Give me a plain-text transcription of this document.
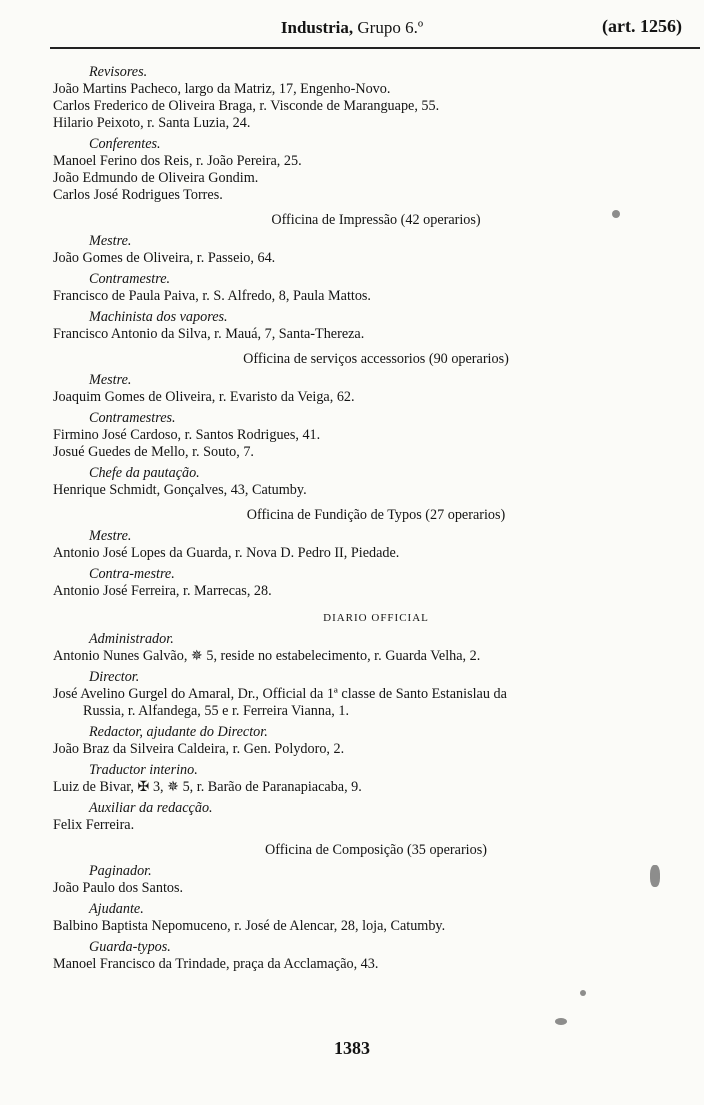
Industria, Grupo 6.º	(art. 1256)
Revisores.
João Martins Pacheco, largo da Matriz, 17, Engenho-Novo.
Carlos Frederico de Oliveira Braga, r. Visconde de Maranguape, 55.
Hilario Peixoto, r. Santa Luzia, 24.
Conferentes.
Manoel Ferino dos Reis, r. João Pereira, 25.
João Edmundo de Oliveira Gondim.
Carlos José Rodrigues Torres.
Officina de Impressão (42 operarios)
Mestre.
João Gomes de Oliveira, r. Passeio, 64.
Contramestre.
Francisco de Paula Paiva, r. S. Alfredo, 8, Paula Mattos.
Machinista dos vapores.
Francisco Antonio da Silva, r. Mauá, 7, Santa-Thereza.
Officina de serviços accessorios (90 operarios)
Mestre.
Joaquim Gomes de Oliveira, r. Evaristo da Veiga, 62.
Contramestres.
Firmino José Cardoso, r. Santos Rodrigues, 41.
Josué Guedes de Mello, r. Souto, 7.
Chefe da pautação.
Henrique Schmidt, Gonçalves, 43, Catumby.
Officina de Fundição de Typos (27 operarios)
Mestre.
Antonio José Lopes da Guarda, r. Nova D. Pedro II, Piedade.
Contra-mestre.
Antonio José Ferreira, r. Marrecas, 28.
DIARIO OFFICIAL
Administrador.
Antonio Nunes Galvão, ✵ 5, reside no estabelecimento, r. Guarda Velha, 2.
Director.
José Avelino Gurgel do Amaral, Dr., Official da 1ª classe de Santo Estanislau da
Russia, r. Alfandega, 55 e r. Ferreira Vianna, 1.
Redactor, ajudante do Director.
João Braz da Silveira Caldeira, r. Gen. Polydoro, 2.
Traductor interino.
Luiz de Bivar, ✠ 3, ✵ 5, r. Barão de Paranapiacaba, 9.
Auxiliar da redacção.
Felix Ferreira.
Officina de Composição (35 operarios)
Paginador.
João Paulo dos Santos.
Ajudante.
Balbino Baptista Nepomuceno, r. José de Alencar, 28, loja, Catumby.
Guarda-typos.
Manoel Francisco da Trindade, praça da Acclamação, 43.
1383
